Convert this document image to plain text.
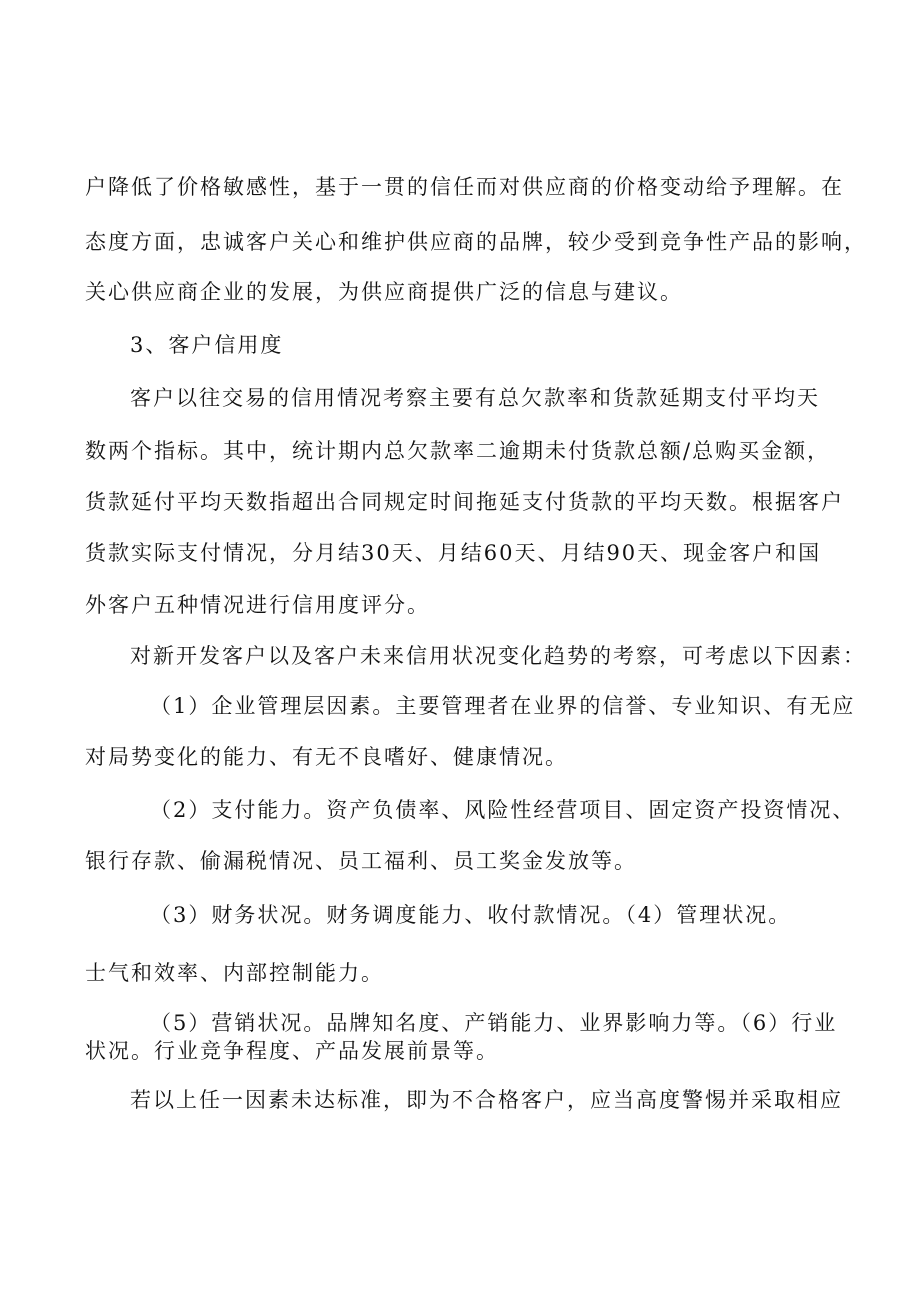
户降低了价格敏感性，基于一贯的信任而对供应商的价格变动给予理解。在

态度方面，忠诚客户关心和维护供应商的品牌，较少受到竞争性产品的影响，

关心供应商企业的发展，为供应商提供广泛的信息与建议。

3、客户信用度

客户以往交易的信用情况考察主要有总欠款率和货款延期支付平均天

数两个指标。其中，统计期内总欠款率二逾期未付货款总额/总购买金额，

货款延付平均天数指超出合同规定时间拖延支付货款的平均天数。根据客户

货款实际支付情况，分月结30天、月结60天、月结90天、现金客户和国

外客户五种情况进行信用度评分。

对新开发客户以及客户未来信用状况变化趋势的考察，可考虑以下因素：

（1）企业管理层因素。主要管理者在业界的信誉、专业知识、有无应

对局势变化的能力、有无不良嗜好、健康情况。

（2）支付能力。资产负债率、风险性经营项目、固定资产投资情况、

银行存款、偷漏税情况、员工福利、员工奖金发放等。

（3）财务状况。财务调度能力、收付款情况。（4）管理状况。

士气和效率、内部控制能力。

（5）营销状况。品牌知名度、产销能力、业界影响力等。（6）行业

状况。行业竞争程度、产品发展前景等。

若以上任一因素未达标准，即为不合格客户，应当高度警惕并采取相应
